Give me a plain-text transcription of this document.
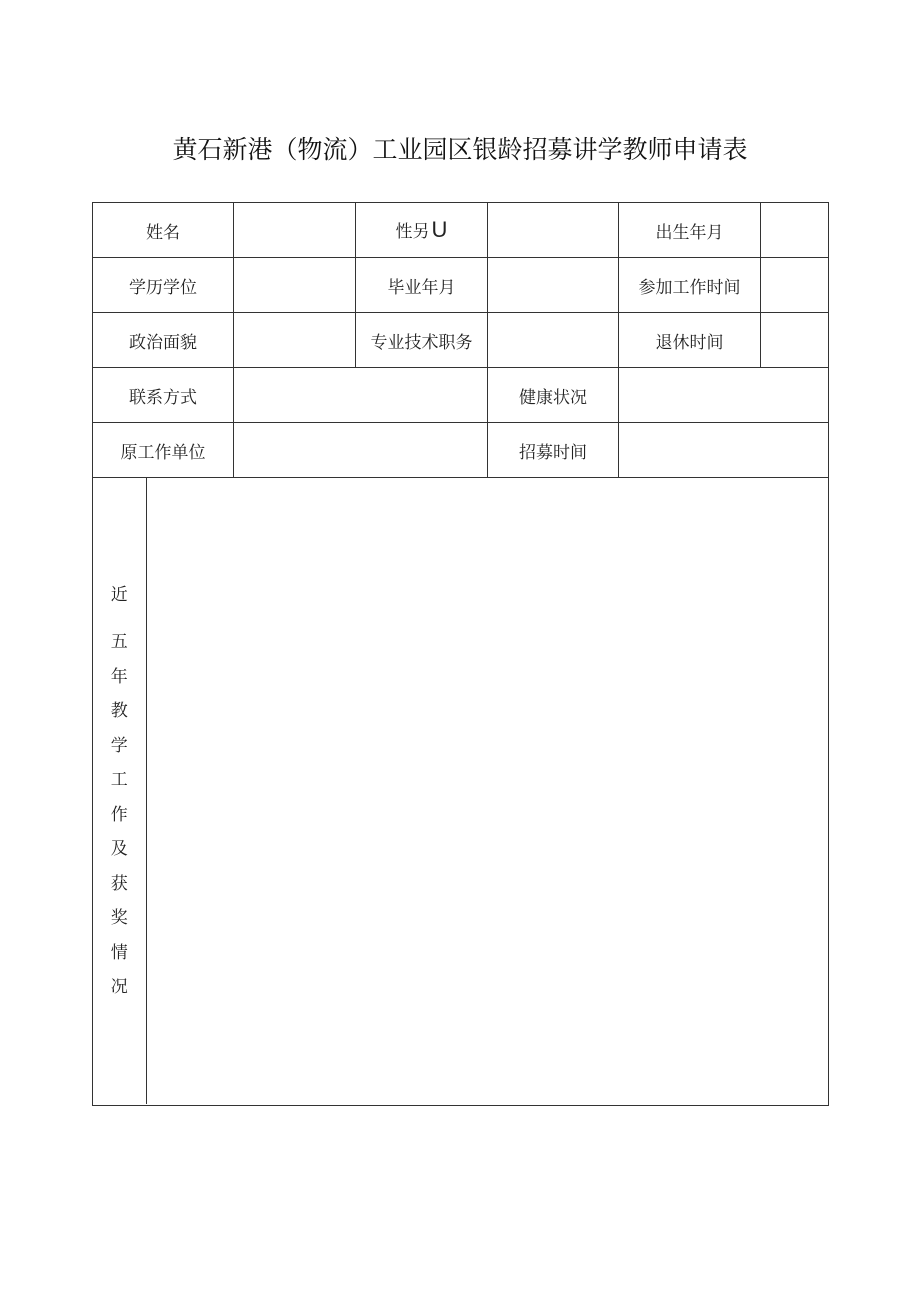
黄石新港（物流）工业园区银龄招募讲学教师申请表
姓名		性另U		出生年月	
学历学位		毕业年月		参加工作时间	
政治面貌		专业技术职务		退休时间	
联系方式		健康状况	
原工作单位		招募时间	

近
五
年
教
学
工
作
及
获
奖
情
况
